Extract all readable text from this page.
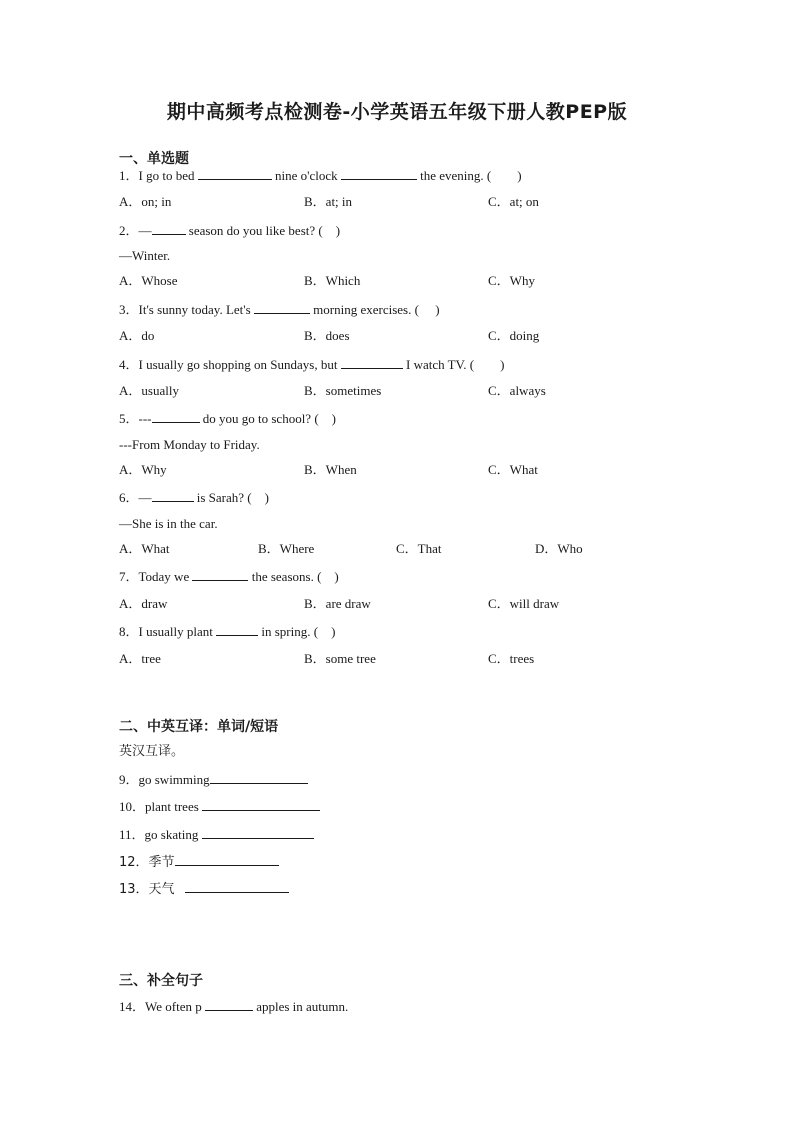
期中高频考点检测卷-小学英语五年级下册人教PEP版
一、单选题
1．I go to bed	nine o'clock	the evening. (　　)
A．on; in	B．at; in	C．at; on
2．—	season do you like best? (　)
—Winter.
A．Whose	B．Which	C．Why
3．It's sunny today. Let's	morning exercises. (　 )
A．do	B．does	C．doing
4．I usually go shopping on Sundays, but	I watch TV. (　　)
A．usually	B．sometimes	C．always
5．---	do you go to school? (　)
---From Monday to Friday.
A．Why	B．When	C．What
6．—	is Sarah? (　)
—She is in the car.
A．What	B．Where	C．That	D．Who
7．Today we	the seasons. (　)
A．draw	B．are draw	C．will draw
8．I usually plant	in spring. (　)
A．tree	B．some tree	C．trees
二、中英互译：单词/短语
英汉互译。
9．go swimming
10．plant trees
11．go skating
12．季节
13．天气
三、补全句子
14．We often p	apples in autumn.
